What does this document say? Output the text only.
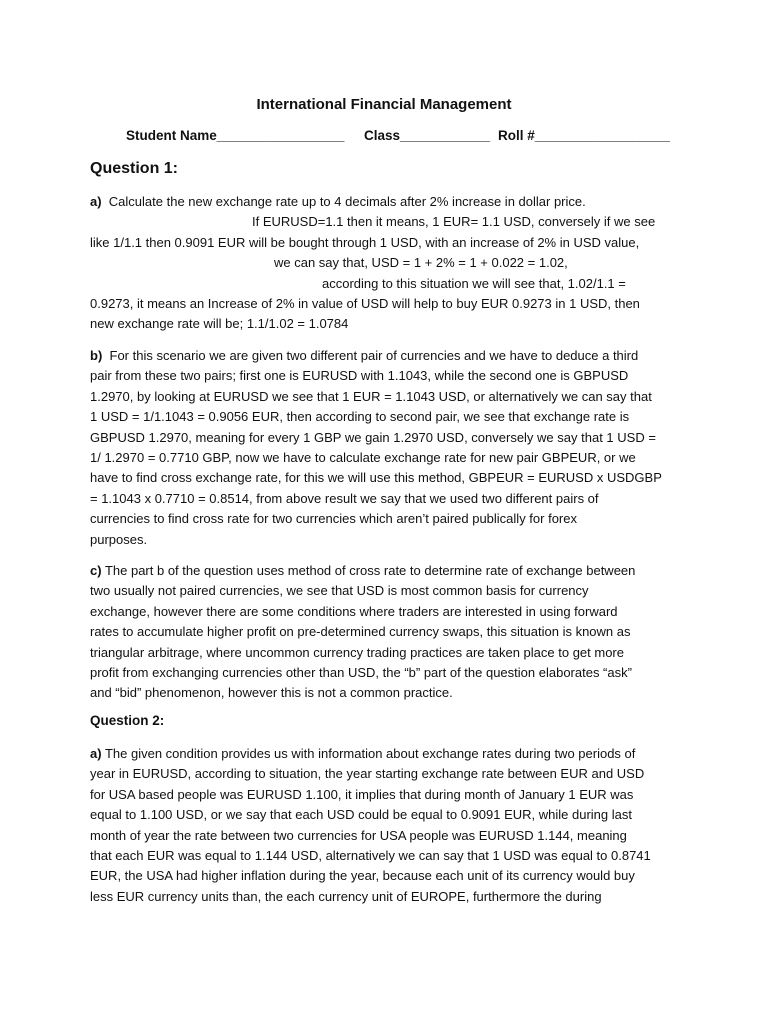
International Financial Management
Student Name_________________ Class____________ Roll #__________________
Question 1:
a) Calculate the new exchange rate up to 4 decimals after 2% increase in dollar price.
If EURUSD=1.1 then it means, 1 EUR= 1.1 USD, conversely if we see
like 1/1.1 then 0.9091 EUR will be bought through 1 USD, with an increase of 2% in USD value,
we can say that, USD = 1 + 2% = 1 + 0.022 = 1.02,
according to this situation we will see that, 1.02/1.1 =
0.9273, it means an Increase of 2% in value of USD will help to buy EUR 0.9273 in 1 USD, then
new exchange rate will be; 1.1/1.02 = 1.0784
b) For this scenario we are given two different pair of currencies and we have to deduce a third
pair from these two pairs; first one is EURUSD with 1.1043, while the second one is GBPUSD
1.2970, by looking at EURUSD we see that 1 EUR = 1.1043 USD, or alternatively we can say that
1 USD = 1/1.1043 = 0.9056 EUR, then according to second pair, we see that exchange rate is
GBPUSD 1.2970, meaning for every 1 GBP we gain 1.2970 USD, conversely we say that 1 USD =
1/ 1.2970 = 0.7710 GBP, now we have to calculate exchange rate for new pair GBPEUR, or we
have to find cross exchange rate, for this we will use this method, GBPEUR = EURUSD x USDGBP
= 1.1043 x 0.7710 = 0.8514, from above result we say that we used two different pairs of
currencies to find cross rate for two currencies which aren’t paired publically for forex
purposes.
c) The part b of the question uses method of cross rate to determine rate of exchange between
two usually not paired currencies, we see that USD is most common basis for currency
exchange, however there are some conditions where traders are interested in using forward
rates to accumulate higher profit on pre-determined currency swaps, this situation is known as
triangular arbitrage, where uncommon currency trading practices are taken place to get more
profit from exchanging currencies other than USD, the “b” part of the question elaborates “ask”
and “bid” phenomenon, however this is not a common practice.
Question 2:
a) The given condition provides us with information about exchange rates during two periods of
year in EURUSD, according to situation, the year starting exchange rate between EUR and USD
for USA based people was EURUSD 1.100, it implies that during month of January 1 EUR was
equal to 1.100 USD, or we say that each USD could be equal to 0.9091 EUR, while during last
month of year the rate between two currencies for USA people was EURUSD 1.144, meaning
that each EUR was equal to 1.144 USD, alternatively we can say that 1 USD was equal to 0.8741
EUR, the USA had higher inflation during the year, because each unit of its currency would buy
less EUR currency units than, the each currency unit of EUROPE, furthermore the during
